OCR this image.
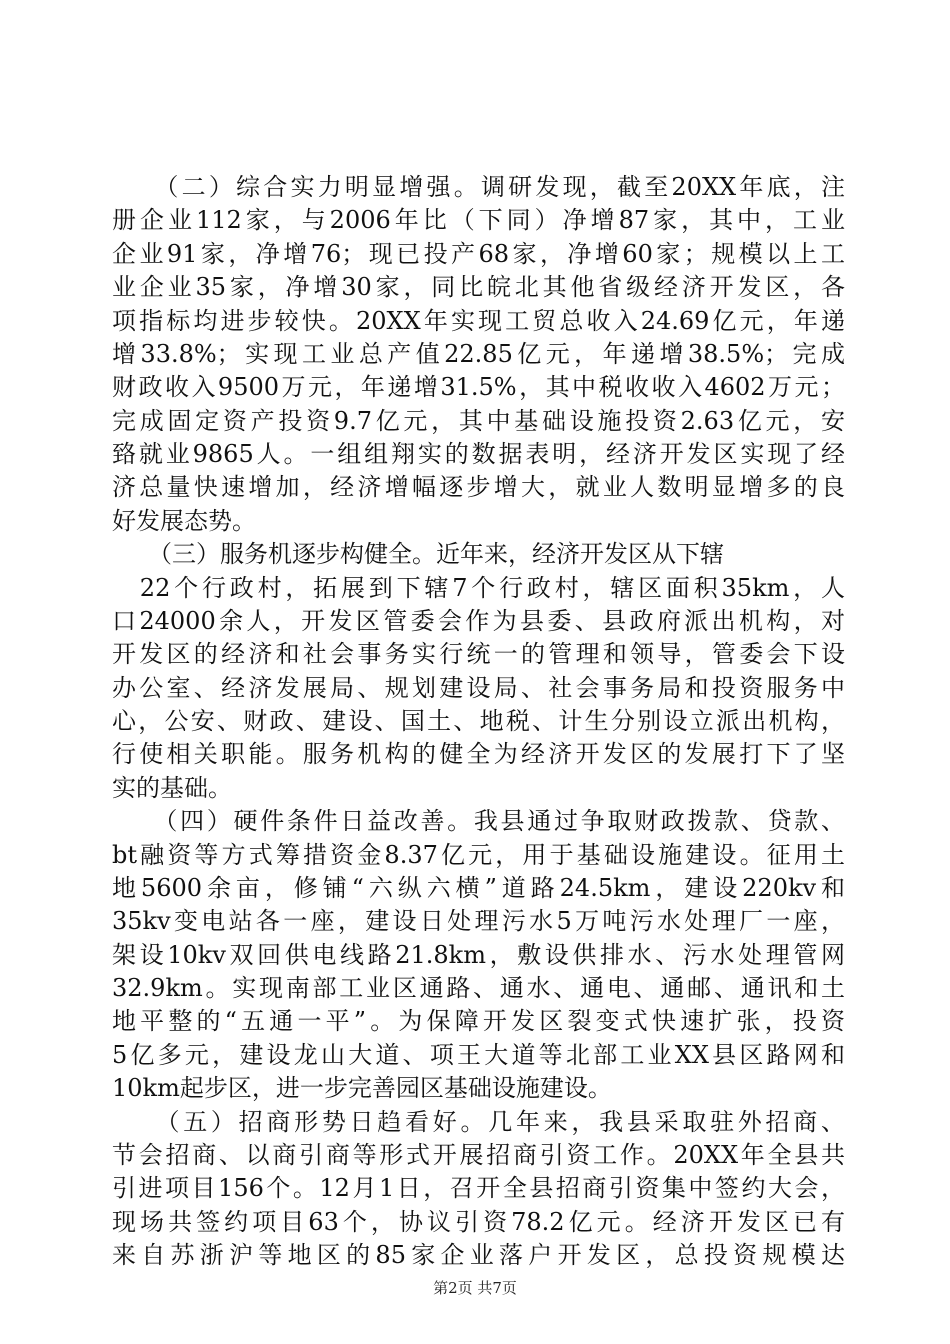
　　（二）综合实力明显增强。调研发现，截至20XX年底，注
册企业112家，与2006年比（下同）净增87家，其中，工业
企业91家，净增76；现已投产68家，净增60家；规模以上工
业企业35家，净增30家，同比皖北其他省级经济开发区，各
项指标均进步较快。20XX年实现工贸总收入24.69亿元，年递
增33.8%；实现工业总产值22.85亿元，年递增38.5%；完成
财政收入9500万元，年递增31.5%，其中税收收入4602万元；
完成固定资产投资9.7亿元，其中基础设施投资2.63亿元，安
臵就业9865人。一组组翔实的数据表明，经济开发区实现了经
济总量快速增加，经济增幅逐步增大，就业人数明显增多的良
好发展态势。
　　（三）服务机逐步构健全。近年来，经济开发区从下辖
　22个行政村，拓展到下辖7个行政村，辖区面积35km，人
口24000余人，开发区管委会作为县委、县政府派出机构，对
开发区的经济和社会事务实行统一的管理和领导，管委会下设
办公室、经济发展局、规划建设局、社会事务局和投资服务中
心，公安、财政、建设、国土、地税、计生分别设立派出机构，
行使相关职能。服务机构的健全为经济开发区的发展打下了坚
实的基础。
　　（四）硬件条件日益改善。我县通过争取财政拨款、贷款、
bt融资等方式筹措资金8.37亿元，用于基础设施建设。征用土
地5600余亩，修铺“六纵六横”道路24.5km，建设220kv和
35kv变电站各一座，建设日处理污水5万吨污水处理厂一座，
架设10kv双回供电线路21.8km，敷设供排水、污水处理管网
32.9km。实现南部工业区通路、通水、通电、通邮、通讯和土
地平整的“五通一平”。为保障开发区裂变式快速扩张，投资
5亿多元，建设龙山大道、项王大道等北部工业XX县区路网和
10km起步区，进一步完善园区基础设施建设。
　　（五）招商形势日趋看好。几年来，我县采取驻外招商、
节会招商、以商引商等形式开展招商引资工作。20XX年全县共
引进项目156个。12月1日，召开全县招商引资集中签约大会，
现场共签约项目63个，协议引资78.2亿元。经济开发区已有
来自苏浙沪等地区的85家企业落户开发区，总投资规模达
第2页 共7页
